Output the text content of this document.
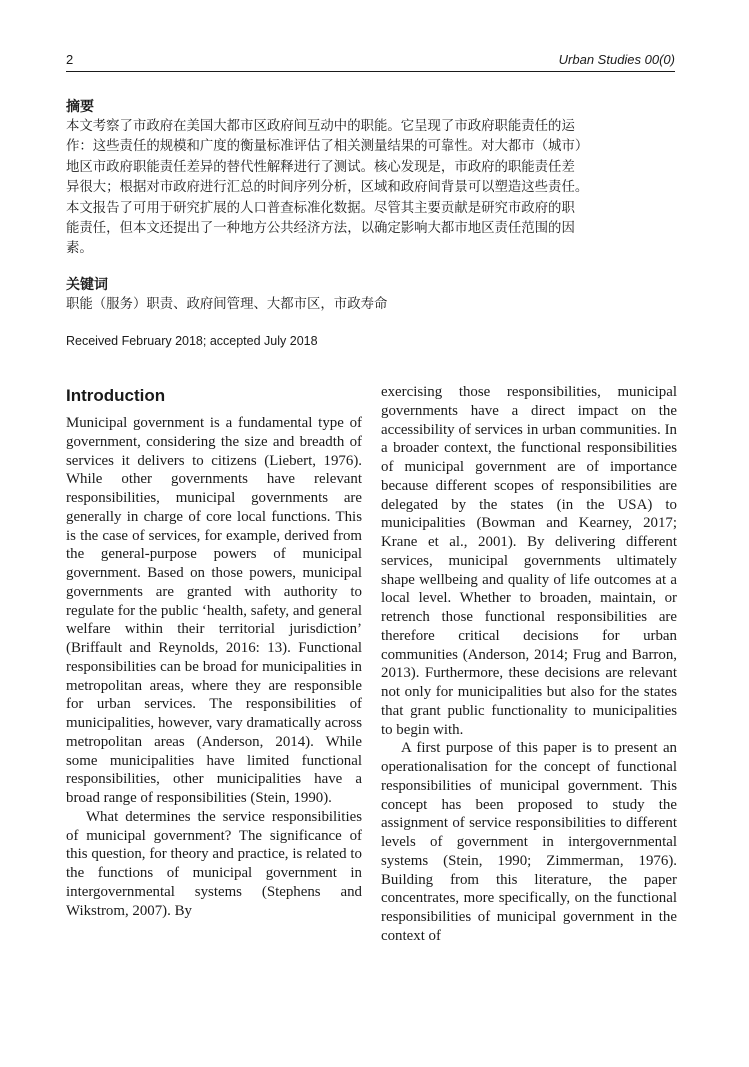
2	Urban Studies 00(0)
摘要
本文考察了市政府在美国大都市区政府间互动中的职能。它呈现了市政府职能责任的运
作：这些责任的规模和广度的衡量标准评估了相关测量结果的可靠性。对大都市（城市）
地区市政府职能责任差异的替代性解释进行了测试。核心发现是，市政府的职能责任差
异很大；根据对市政府进行汇总的时间序列分析，区域和政府间背景可以塑造这些责任。
本文报告了可用于研究扩展的人口普查标准化数据。尽管其主要贡献是研究市政府的职
能责任，但本文还提出了一种地方公共经济方法，以确定影响大都市地区责任范围的因
素。
关键词
职能（服务）职责、政府间管理、大都市区，市政寿命
Received February 2018; accepted July 2018
Introduction

Municipal government is a fundamental type of government, considering the size and breadth of services it delivers to citizens (Liebert, 1976). While other governments have relevant responsibilities, municipal governments are generally in charge of core local functions. This is the case of services, for example, derived from the general-purpose powers of municipal government. Based on those powers, municipal governments are granted with authority to regulate for the public ‘health, safety, and general welfare within their territorial jurisdiction’ (Briffault and Reynolds, 2016: 13). Functional responsibilities can be broad for municipalities in metropolitan areas, where they are responsible for urban services. The responsibilities of municipalities, however, vary dramatically across metropolitan areas (Anderson, 2014). While some municipalities have limited functional responsibilities, other municipalities have a broad range of responsibilities (Stein, 1990).

What determines the service responsibilities of municipal government? The significance of this question, for theory and practice, is related to the functions of municipal government in intergovernmental systems (Stephens and Wikstrom, 2007). By

exercising those responsibilities, municipal governments have a direct impact on the accessibility of services in urban communities. In a broader context, the functional responsibilities of municipal government are of importance because different scopes of responsibilities are delegated by the states (in the USA) to municipalities (Bowman and Kearney, 2017; Krane et al., 2001). By delivering different services, municipal governments ultimately shape wellbeing and quality of life outcomes at a local level. Whether to broaden, maintain, or retrench those functional responsibilities are therefore critical decisions for urban communities (Anderson, 2014; Frug and Barron, 2013). Furthermore, these decisions are relevant not only for municipalities but also for the states that grant public functionality to municipalities to begin with.

A first purpose of this paper is to present an operationalisation for the concept of functional responsibilities of municipal government. This concept has been proposed to study the assignment of service responsibilities to different levels of government in intergovernmental systems (Stein, 1990; Zimmerman, 1976). Building from this literature, the paper concentrates, more specifically, on the functional responsibilities of municipal government in the context of
